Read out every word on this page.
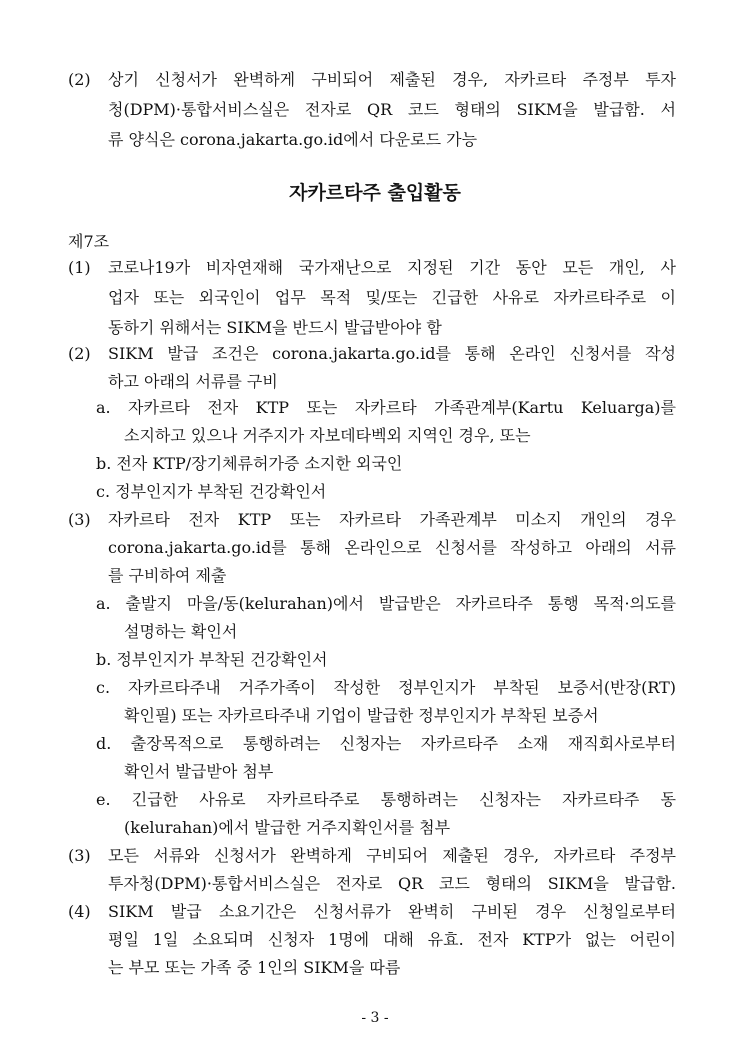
(2) 상기 신청서가 완벽하게 구비되어 제출된 경우, 자카르타 주정부 투자
청(DPM)·통합서비스실은 전자로 QR 코드 형태의 SIKM을 발급함. 서
류 양식은 corona.jakarta.go.id에서 다운로드 가능
자카르타주 출입활동
제7조
(1) 코로나19가 비자연재해 국가재난으로 지정된 기간 동안 모든 개인, 사
업자 또는 외국인이 업무 목적 및/또는 긴급한 사유로 자카르타주로 이
동하기 위해서는 SIKM을 반드시 발급받아야 함
(2) SIKM 발급 조건은 corona.jakarta.go.id를 통해 온라인 신청서를 작성
하고 아래의 서류를 구비
a. 자카르타 전자 KTP 또는 자카르타 가족관계부(Kartu Keluarga)를
소지하고 있으나 거주지가 자보데타벡외 지역인 경우, 또는
b. 전자 KTP/장기체류허가증 소지한 외국인
c. 정부인지가 부착된 건강확인서
(3) 자카르타 전자 KTP 또는 자카르타 가족관계부 미소지 개인의 경우
corona.jakarta.go.id를 통해 온라인으로 신청서를 작성하고 아래의 서류
를 구비하여 제출
a. 출발지 마을/동(kelurahan)에서 발급받은 자카르타주 통행 목적·의도를
설명하는 확인서
b. 정부인지가 부착된 건강확인서
c. 자카르타주내 거주가족이 작성한 정부인지가 부착된 보증서(반장(RT)
확인필) 또는 자카르타주내 기업이 발급한 정부인지가 부착된 보증서
d. 출장목적으로 통행하려는 신청자는 자카르타주 소재 재직회사로부터
확인서 발급받아 첨부
e. 긴급한 사유로 자카르타주로 통행하려는 신청자는 자카르타주 동
(kelurahan)에서 발급한 거주지확인서를 첨부
(3) 모든 서류와 신청서가 완벽하게 구비되어 제출된 경우, 자카르타 주정부
투자청(DPM)·통합서비스실은 전자로 QR 코드 형태의 SIKM을 발급함.
(4) SIKM 발급 소요기간은 신청서류가 완벽히 구비된 경우 신청일로부터
평일 1일 소요되며 신청자 1명에 대해 유효. 전자 KTP가 없는 어린이
는 부모 또는 가족 중 1인의 SIKM을 따름
- 3 -
